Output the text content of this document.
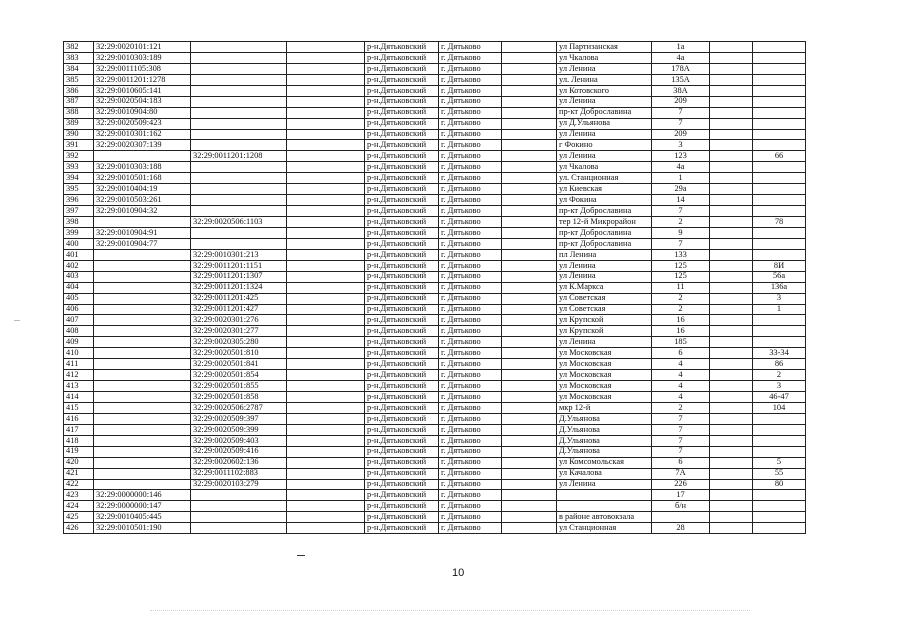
382	32:29:0020101:121			р-н.Дятьковский	г. Дятьково		ул Партизанская	1а		
383	32:29:0010303:189			р-н.Дятьковский	г. Дятьково		ул Чкалова	4а		
384	32:29:0011105:308			р-н.Дятьковский	г. Дятьково		ул Ленина	178А		
385	32:29:0011201:1278			р-н.Дятьковский	г. Дятьково		ул. Ленина	135А		
386	32:29:0010605:141			р-н.Дятьковский	г. Дятьково		ул Котовского	38А		
387	32:29:0020504:183			р-н.Дятьковский	г. Дятьково		ул Ленина	209		
388	32:29:0010904:80			р-н.Дятьковский	г. Дятьково		пр-кт Доброславина	7		
389	32:29:0020509:423			р-н.Дятьковский	г. Дятьково		ул Д.Ульянова	7		
390	32:29:0010301:162			р-н.Дятьковский	г. Дятьково		ул Ленина	209		
391	32:29:0020307:139			р-н.Дятьковский	г. Дятьково		г Фокино	3		
392		32:29:0011201:1208		р-н.Дятьковский	г. Дятьково		ул Ленина	123		66
393	32:29:0010303:188			р-н.Дятьковский	г. Дятьково		ул Чкалова	4а		
394	32:29:0010501:168			р-н.Дятьковский	г. Дятьково		ул. Станционная	1		
395	32:29:0010404:19			р-н.Дятьковский	г. Дятьково		ул Киевская	29а		
396	32:29:0010503:261			р-н.Дятьковский	г. Дятьково		ул Фокина	14		
397	32:29:0010904:32			р-н.Дятьковский	г. Дятьково		пр-кт Доброславина	7		
398		32:29:0020506:1103		р-н.Дятьковский	г. Дятьково		тер 12-й Микрорайон	2		78
399	32:29:0010904:91			р-н.Дятьковский	г. Дятьково		пр-кт Доброславина	9		
400	32:29:0010904:77			р-н.Дятьковский	г. Дятьково		пр-кт Доброславина	7		
401		32:29:0010301:213		р-н.Дятьковский	г. Дятьково		пл Ленина	133		
402		32:29:0011201:1151		р-н.Дятьковский	г. Дятьково		ул Ленина	125		8И
403		32:29:0011201:1307		р-н.Дятьковский	г. Дятьково		ул Ленина	125		56а
404		32:29:0011201:1324		р-н.Дятьковский	г. Дятьково		ул К.Маркса	11		136а
405		32:29:0011201:425		р-н.Дятьковский	г. Дятьково		ул Советская	2		3
406		32:29:0011201:427		р-н.Дятьковский	г. Дятьково		ул Советская	2		1
407		32:29:0020301:276		р-н.Дятьковский	г. Дятьково		ул Крупской	16		
408		32:29:0020301:277		р-н.Дятьковский	г. Дятьково		ул Крупской	16		
409		32:29:0020305:280		р-н.Дятьковский	г. Дятьково		ул Ленина	185		
410		32:29:0020501:810		р-н.Дятьковский	г. Дятьково		ул Московская	6		33-34
411		32:29:0020501:841		р-н.Дятьковский	г. Дятьково		ул Московская	4		86
412		32:29:0020501:854		р-н.Дятьковский	г. Дятьково		ул Московская	4		2
413		32:29:0020501:855		р-н.Дятьковский	г. Дятьково		ул Московская	4		3
414		32:29:0020501:858		р-н.Дятьковский	г. Дятьково		ул Московская	4		46-47
415		32:29:0020506:2787		р-н.Дятьковский	г. Дятьково		мкр 12-й	2		104
416		32:29:0020509:397		р-н.Дятьковский	г. Дятьково		Д.Ульянова	7		
417		32:29:0020509:399		р-н.Дятьковский	г. Дятьково		Д.Ульянова	7		
418		32:29:0020509:403		р-н.Дятьковский	г. Дятьково		Д.Ульянова	7		
419		32:29:0020509:416		р-н.Дятьковский	г. Дятьково		Д.Ульянова	7		
420		32:29:0020602:136		р-н.Дятьковский	г. Дятьково		ул Комсомольская	6		5
421		32:29:0011102:883		р-н.Дятьковский	г. Дятьково		ул Качалова	7А		55
422		32:29:0020103:279		р-н.Дятьковский	г. Дятьково		ул Ленина	226		80
423	32:29:0000000:146			р-н.Дятьковский	г. Дятьково			17		
424	32:29:0000000:147			р-н.Дятьковский	г. Дятьково			б/н		
425	32:29:0010405:445			р-н.Дятьковский	г. Дятьково		в районе автовокзала			
426	32:29:0010501:190			р-н.Дятьковский	г. Дятьково		ул Станционная	28		
10
